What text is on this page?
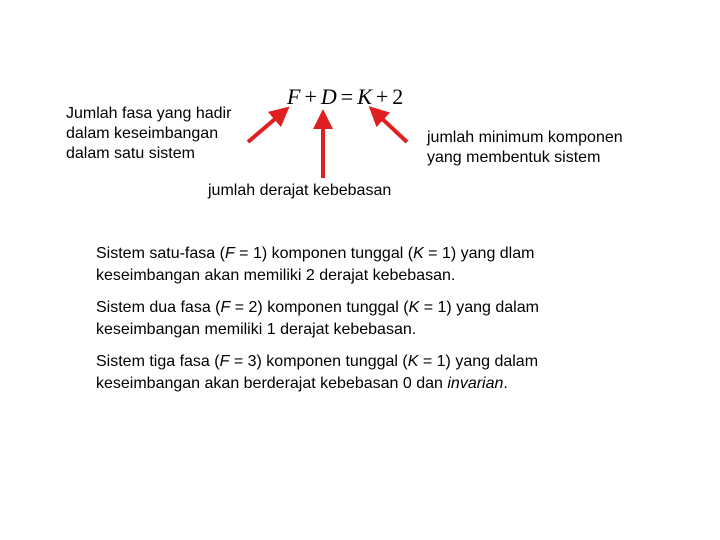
Jumlah fasa yang hadir
dalam keseimbangan
dalam satu sistem
F + D = K + 2
jumlah minimum komponen
yang membentuk sistem
jumlah derajat kebebasan
Sistem satu-fasa (F = 1) komponen tunggal (K = 1) yang dlam
keseimbangan akan memiliki 2 derajat kebebasan.
Sistem dua fasa (F = 2) komponen tunggal (K = 1) yang dalam
keseimbangan memiliki 1 derajat kebebasan.
Sistem tiga fasa (F = 3) komponen tunggal (K = 1) yang dalam
keseimbangan akan berderajat kebebasan 0 dan invarian.
